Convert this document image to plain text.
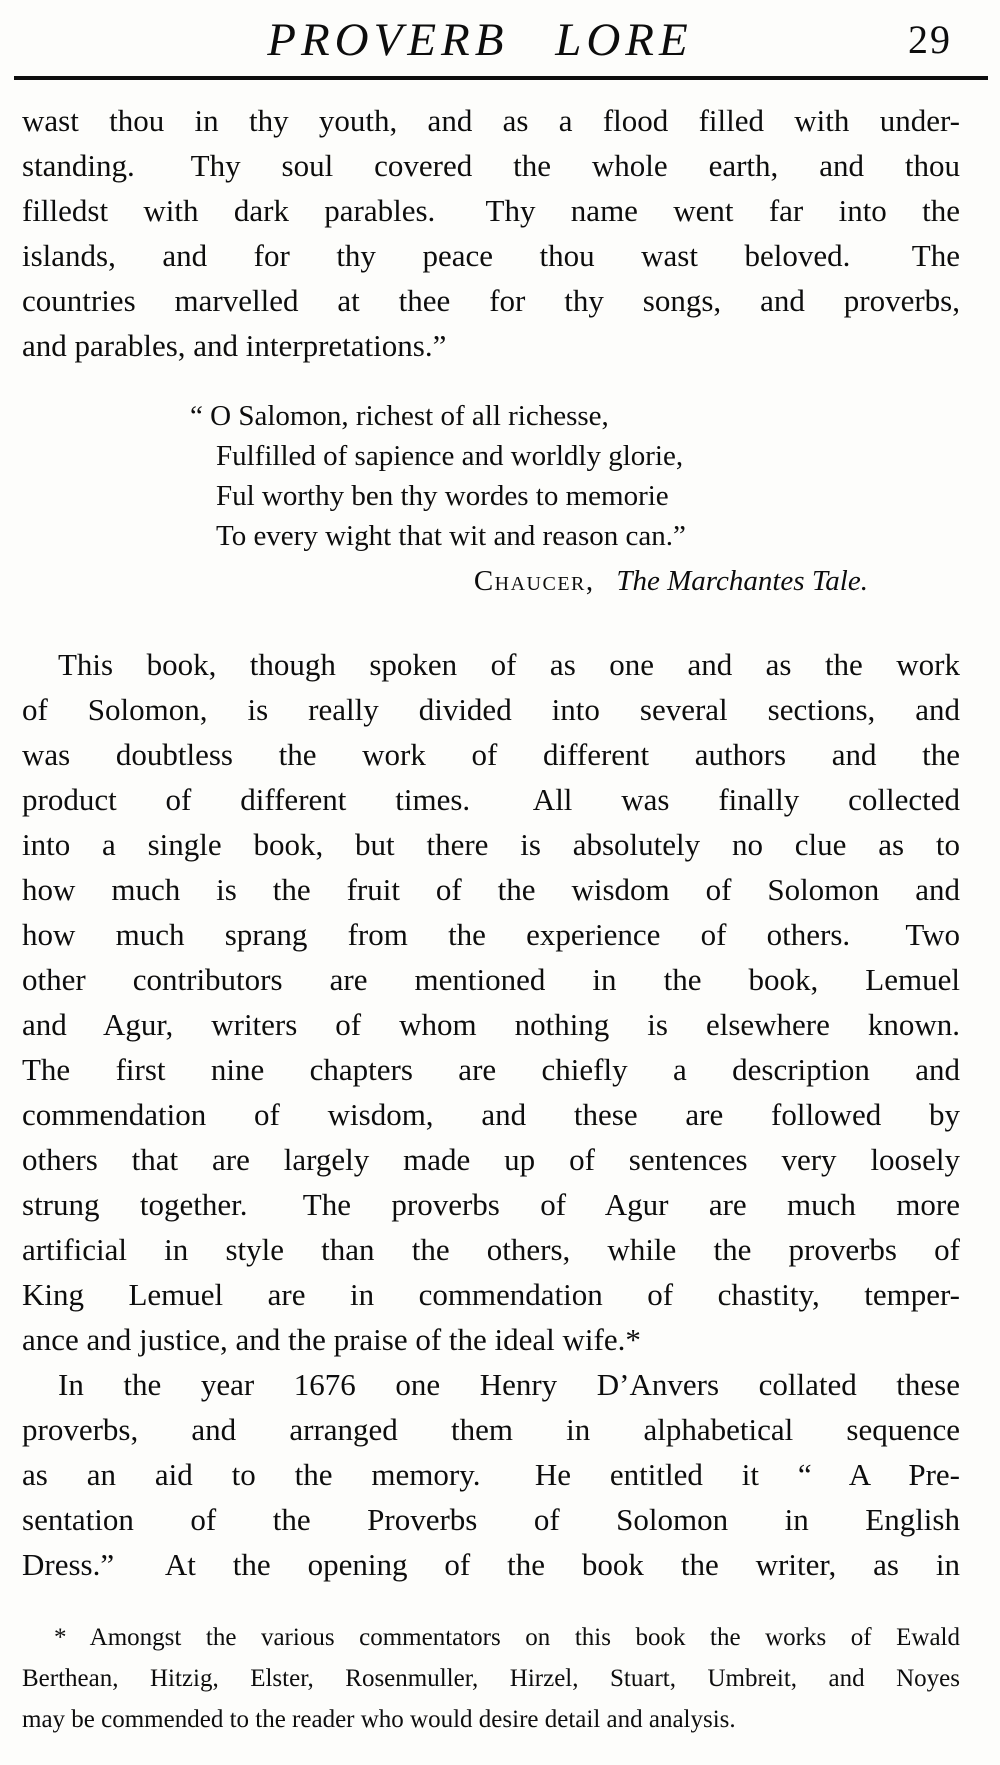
PROVERB LORE	29
wast thou in thy youth, and as a flood filled with under-
standing.  Thy soul covered the whole earth, and thou
filledst with dark parables.  Thy name went far into the
islands, and for thy peace thou wast beloved.  The
countries marvelled at thee for thy songs, and proverbs,
and parables, and interpretations.”
“ O Salomon, richest of all richesse,
Fulfilled of sapience and worldly glorie,
Ful worthy ben thy wordes to memorie
To every wight that wit and reason can.”
Chaucer, The Marchantes Tale.
This book, though spoken of as one and as the work
of Solomon, is really divided into several sections, and
was doubtless the work of different authors and the
product of different times.  All was finally collected
into a single book, but there is absolutely no clue as to
how much is the fruit of the wisdom of Solomon and
how much sprang from the experience of others.  Two
other contributors are mentioned in the book, Lemuel
and Agur, writers of whom nothing is elsewhere known.
The first nine chapters are chiefly a description and
commendation of wisdom, and these are followed by
others that are largely made up of sentences very loosely
strung together.  The proverbs of Agur are much more
artificial in style than the others, while the proverbs of
King Lemuel are in commendation of chastity, temper-
ance and justice, and the praise of the ideal wife.*
In the year 1676 one Henry D’Anvers collated these
proverbs, and arranged them in alphabetical sequence
as an aid to the memory.  He entitled it “ A Pre-
sentation of the Proverbs of Solomon in English
Dress.”  At the opening of the book the writer, as in
* Amongst the various commentators on this book the works of Ewald
Berthean, Hitzig, Elster, Rosenmuller, Hirzel, Stuart, Umbreit, and Noyes
may be commended to the reader who would desire detail and analysis.
